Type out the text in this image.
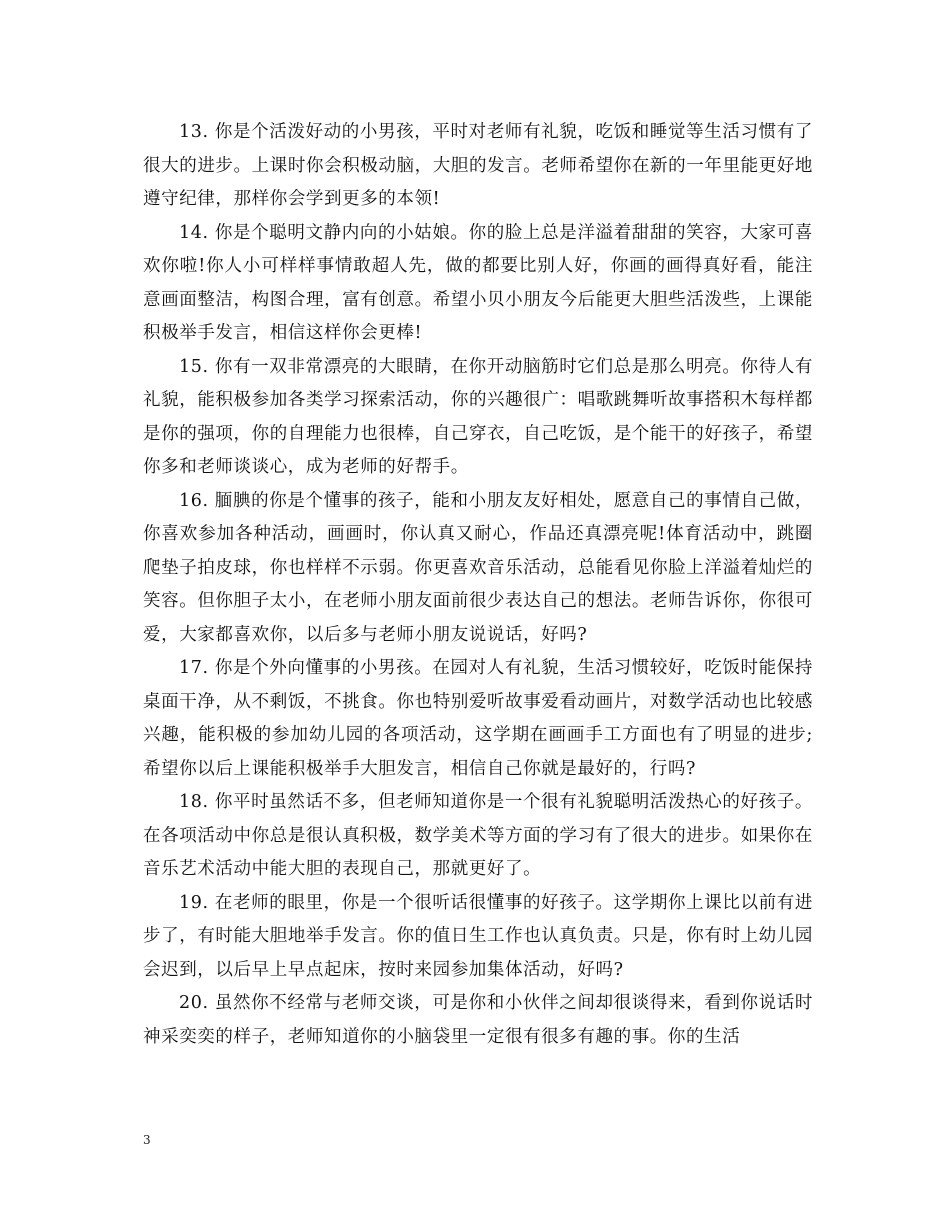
13. 你是个活泼好动的小男孩，平时对老师有礼貌，吃饭和睡觉等生活习惯有了很大的进步。上课时你会积极动脑，大胆的发言。老师希望你在新的一年里能更好地遵守纪律，那样你会学到更多的本领!

14. 你是个聪明文静内向的小姑娘。你的脸上总是洋溢着甜甜的笑容，大家可喜欢你啦!你人小可样样事情敢超人先，做的都要比别人好，你画的画得真好看，能注意画面整洁，构图合理，富有创意。希望小贝小朋友今后能更大胆些活泼些，上课能积极举手发言，相信这样你会更棒!

15. 你有一双非常漂亮的大眼睛，在你开动脑筋时它们总是那么明亮。你待人有礼貌，能积极参加各类学习探索活动，你的兴趣很广：唱歌跳舞听故事搭积木每样都是你的强项，你的自理能力也很棒，自己穿衣，自己吃饭，是个能干的好孩子，希望你多和老师谈谈心，成为老师的好帮手。

16. 腼腆的你是个懂事的孩子，能和小朋友友好相处，愿意自己的事情自己做，你喜欢参加各种活动，画画时，你认真又耐心，作品还真漂亮呢!体育活动中，跳圈爬垫子拍皮球，你也样样不示弱。你更喜欢音乐活动，总能看见你脸上洋溢着灿烂的笑容。但你胆子太小，在老师小朋友面前很少表达自己的想法。老师告诉你，你很可爱，大家都喜欢你，以后多与老师小朋友说说话，好吗?

17. 你是个外向懂事的小男孩。在园对人有礼貌，生活习惯较好，吃饭时能保持桌面干净，从不剩饭，不挑食。你也特别爱听故事爱看动画片，对数学活动也比较感兴趣，能积极的参加幼儿园的各项活动，这学期在画画手工方面也有了明显的进步;希望你以后上课能积极举手大胆发言，相信自己你就是最好的，行吗?

18. 你平时虽然话不多，但老师知道你是一个很有礼貌聪明活泼热心的好孩子。在各项活动中你总是很认真积极，数学美术等方面的学习有了很大的进步。如果你在音乐艺术活动中能大胆的表现自己，那就更好了。

19. 在老师的眼里，你是一个很听话很懂事的好孩子。这学期你上课比以前有进步了，有时能大胆地举手发言。你的值日生工作也认真负责。只是，你有时上幼儿园会迟到，以后早上早点起床，按时来园参加集体活动，好吗?

20. 虽然你不经常与老师交谈，可是你和小伙伴之间却很谈得来，看到你说话时神采奕奕的样子，老师知道你的小脑袋里一定很有很多有趣的事。你的生活

3
